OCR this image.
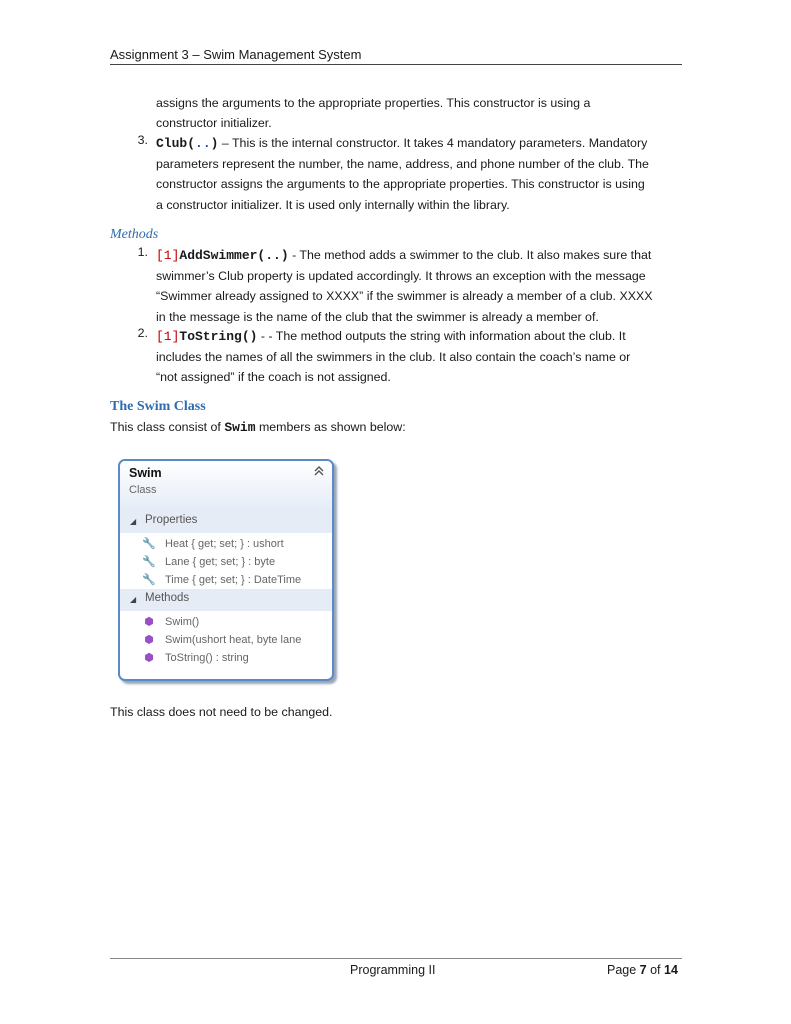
Assignment 3 – Swim Management System
assigns the arguments to the appropriate properties. This constructor is using a
constructor initializer.
3. Club(..) – This is the internal constructor. It takes 4 mandatory parameters. Mandatory
parameters represent the number, the name, address, and phone number of the club. The
constructor assigns the arguments to the appropriate properties. This constructor is using
a constructor initializer. It is used only internally within the library.
Methods
1. [1]AddSwimmer(..) - The method adds a swimmer to the club. It also makes sure that
swimmer’s Club property is updated accordingly. It throws an exception with the message
“Swimmer already assigned to XXXX” if the swimmer is already a member of a club. XXXX
in the message is the name of the club that the swimmer is already a member of.
2. [1]ToString() - - The method outputs the string with information about the club. It
includes the names of all the swimmers in the club. It also contain the coach’s name or
“not assigned” if the coach is not assigned.
The Swim Class
This class consist of Swim members as shown below:
Swim
Class
◢ Properties
🔧 Heat { get; set; } : ushort
🔧 Lane { get; set; } : byte
🔧 Time { get; set; } : DateTime
◢ Methods
⬢ Swim()
⬢ Swim(ushort heat, byte lane
⬢ ToString() : string
This class does not need to be changed.
Programming II	Page 7 of 14
